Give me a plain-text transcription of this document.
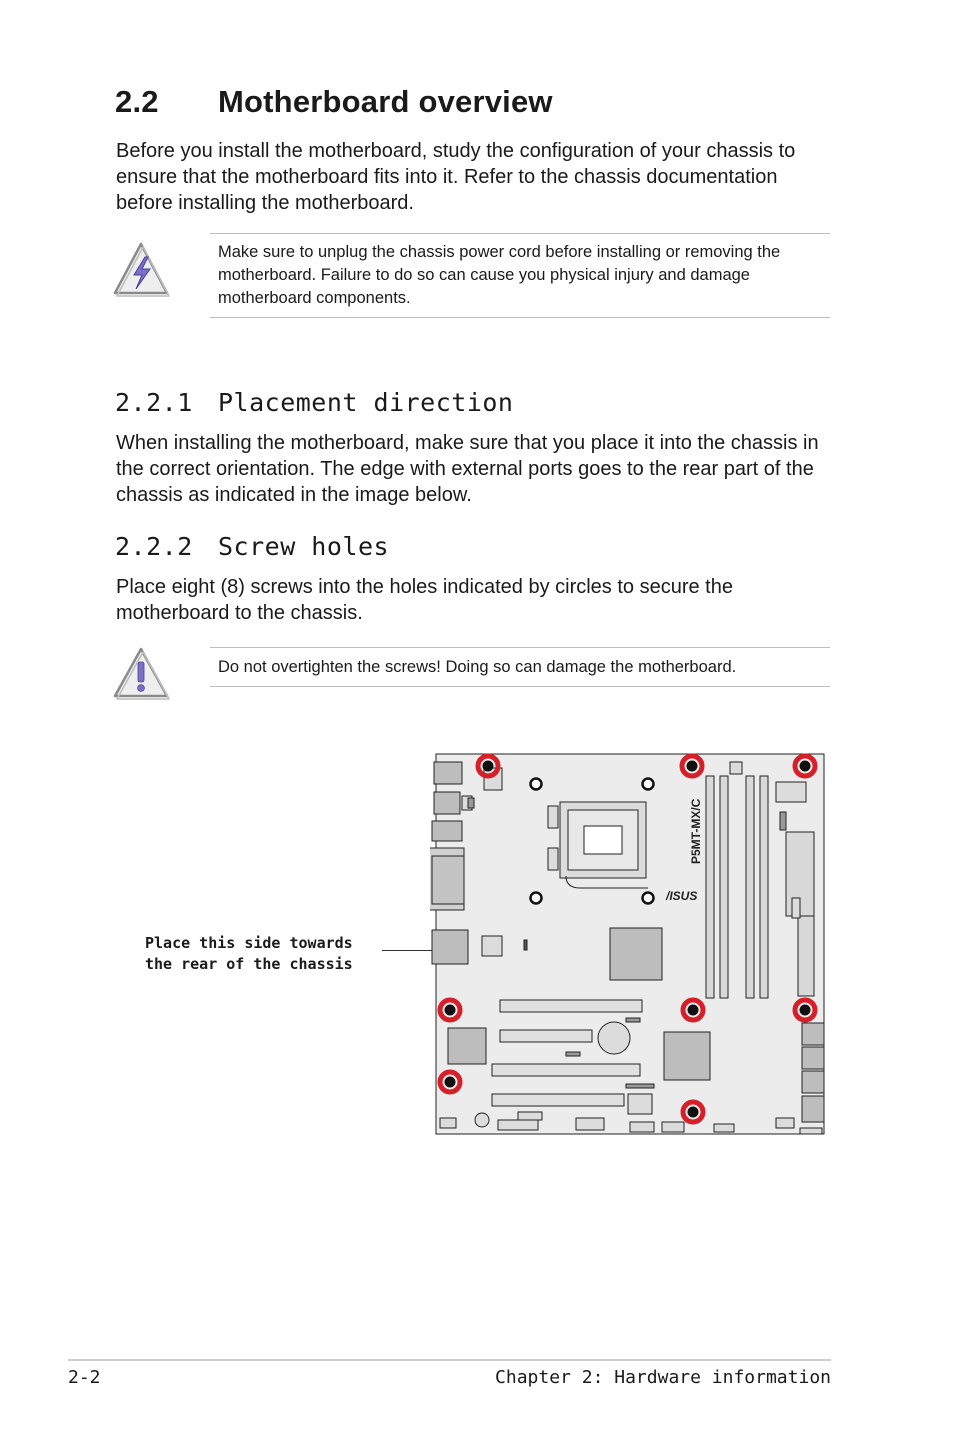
2.2 Motherboard overview

Before you install the motherboard, study the configuration of your chassis to ensure that the motherboard fits into it. Refer to the chassis documentation before installing the motherboard.

Make sure to unplug the chassis power cord before installing or removing the motherboard. Failure to do so can cause you physical injury and damage motherboard components.

2.2.1 Placement direction

When installing the motherboard, make sure that you place it into the chassis in the correct orientation. The edge with external ports goes to the rear part of the chassis as indicated in the image below.

2.2.2 Screw holes

Place eight (8) screws into the holes indicated by circles to secure the motherboard to the chassis.

Do not overtighten the screws! Doing so can damage the motherboard.

Place this side towards
the rear of the chassis
P5MT-MX/C
/ISUS
2-2	Chapter 2: Hardware information
